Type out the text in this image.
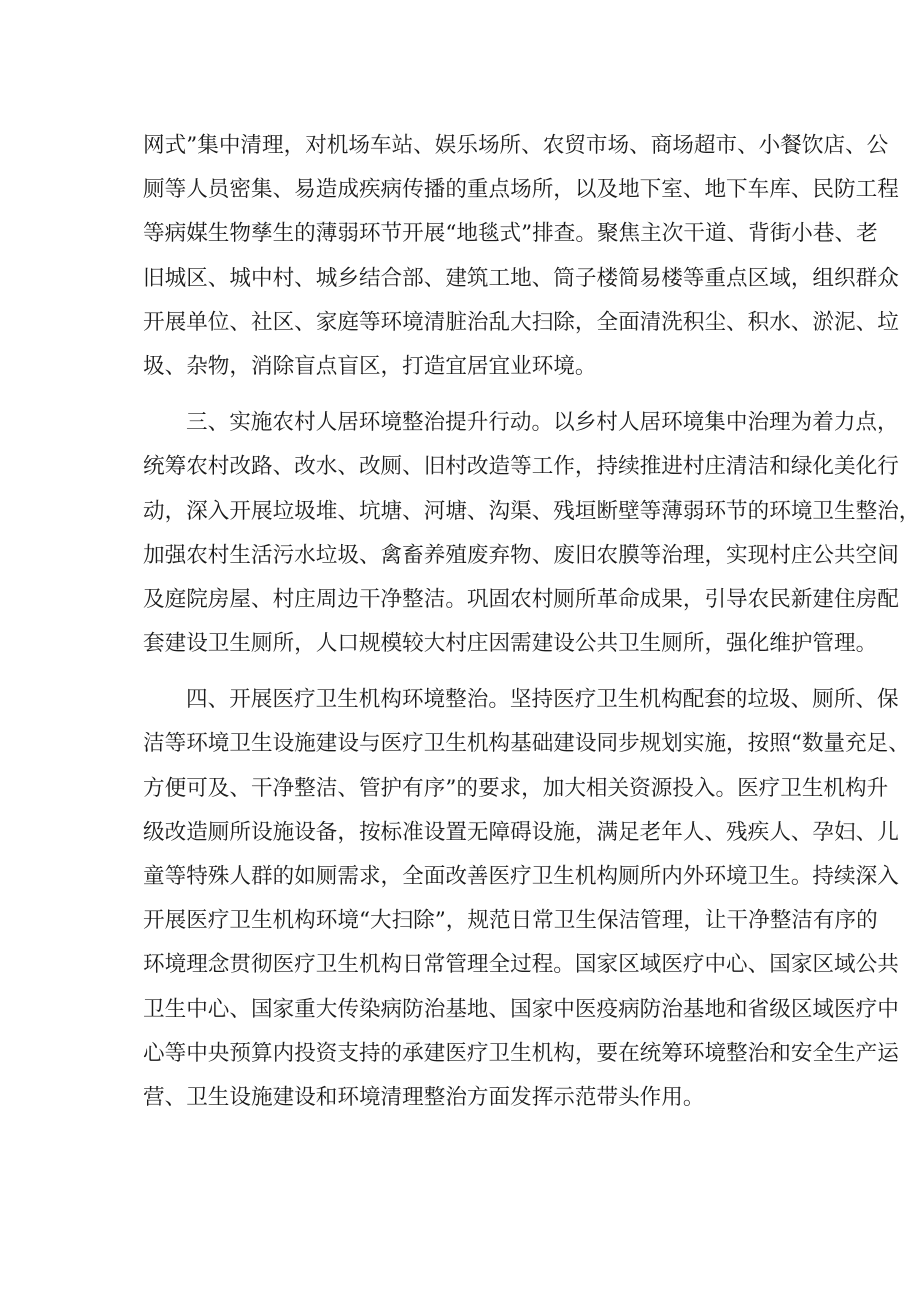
网式”集中清理，对机场车站、娱乐场所、农贸市场、商场超市、小餐饮店、公
厕等人员密集、易造成疾病传播的重点场所，以及地下室、地下车库、民防工程
等病媒生物孳生的薄弱环节开展“地毯式”排查。聚焦主次干道、背街小巷、老
旧城区、城中村、城乡结合部、建筑工地、筒子楼简易楼等重点区域，组织群众
开展单位、社区、家庭等环境清脏治乱大扫除，全面清洗积尘、积水、淤泥、垃
圾、杂物，消除盲点盲区，打造宜居宜业环境。
三、实施农村人居环境整治提升行动。以乡村人居环境集中治理为着力点，
统筹农村改路、改水、改厕、旧村改造等工作，持续推进村庄清洁和绿化美化行
动，深入开展垃圾堆、坑塘、河塘、沟渠、残垣断壁等薄弱环节的环境卫生整治，
加强农村生活污水垃圾、禽畜养殖废弃物、废旧农膜等治理，实现村庄公共空间
及庭院房屋、村庄周边干净整洁。巩固农村厕所革命成果，引导农民新建住房配
套建设卫生厕所，人口规模较大村庄因需建设公共卫生厕所，强化维护管理。
四、开展医疗卫生机构环境整治。坚持医疗卫生机构配套的垃圾、厕所、保
洁等环境卫生设施建设与医疗卫生机构基础建设同步规划实施，按照“数量充足、
方便可及、干净整洁、管护有序”的要求，加大相关资源投入。医疗卫生机构升
级改造厕所设施设备，按标准设置无障碍设施，满足老年人、残疾人、孕妇、儿
童等特殊人群的如厕需求，全面改善医疗卫生机构厕所内外环境卫生。持续深入
开展医疗卫生机构环境“大扫除”，规范日常卫生保洁管理，让干净整洁有序的
环境理念贯彻医疗卫生机构日常管理全过程。国家区域医疗中心、国家区域公共
卫生中心、国家重大传染病防治基地、国家中医疫病防治基地和省级区域医疗中
心等中央预算内投资支持的承建医疗卫生机构，要在统筹环境整治和安全生产运
营、卫生设施建设和环境清理整治方面发挥示范带头作用。
